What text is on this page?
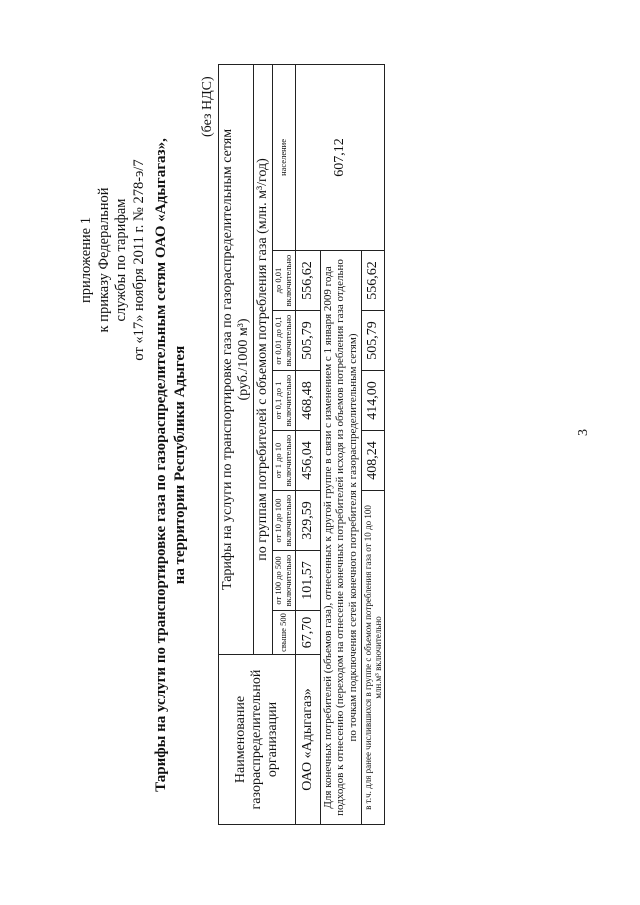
приложение 1 к приказу Федеральной службы по тарифам от «17» ноября 2011 г. № 278-э/7 Тарифы на услуги по транспортировке газа по газораспределительным сетям ОАО «Адыгагаз», на территории Республики Адыгея
(без НДС)
Наименование газораспределительной организации	Тарифы на услуги по транспортировке газа по газораспределительным сетям (руб./1000 м³)							

	по группам потребителей с объемом потребления газа (млн. м³/год)							
	свыше 500	от 100 до 500 включительно	от 10 до 100 включительно	от 1 до 10 включительно	от 0,1 до 1 включительно	от 0,01 до 0,1 включительно	до 0,01 включительно	население
ОАО «Адыгагаз»	67,70	101,57	329,59	456,04	468,48	505,79	556,62	607,12
Для конечных потребителей (объемов газа), отнесенных к другой группе в связи с изменением с 1 января 2009 года подходов к отнесению (переходом на отнесение конечных потребителей исходя из объемов потребления газа отдельно по точкам подключения сетей конечного потребителя к газораспределительным сетям)								
в т.ч. для ранее числившихся в группе с объемом потребления газа от 10 до 100 млн.м³ включительно				408,24	414,00	505,79	556,62	
3
